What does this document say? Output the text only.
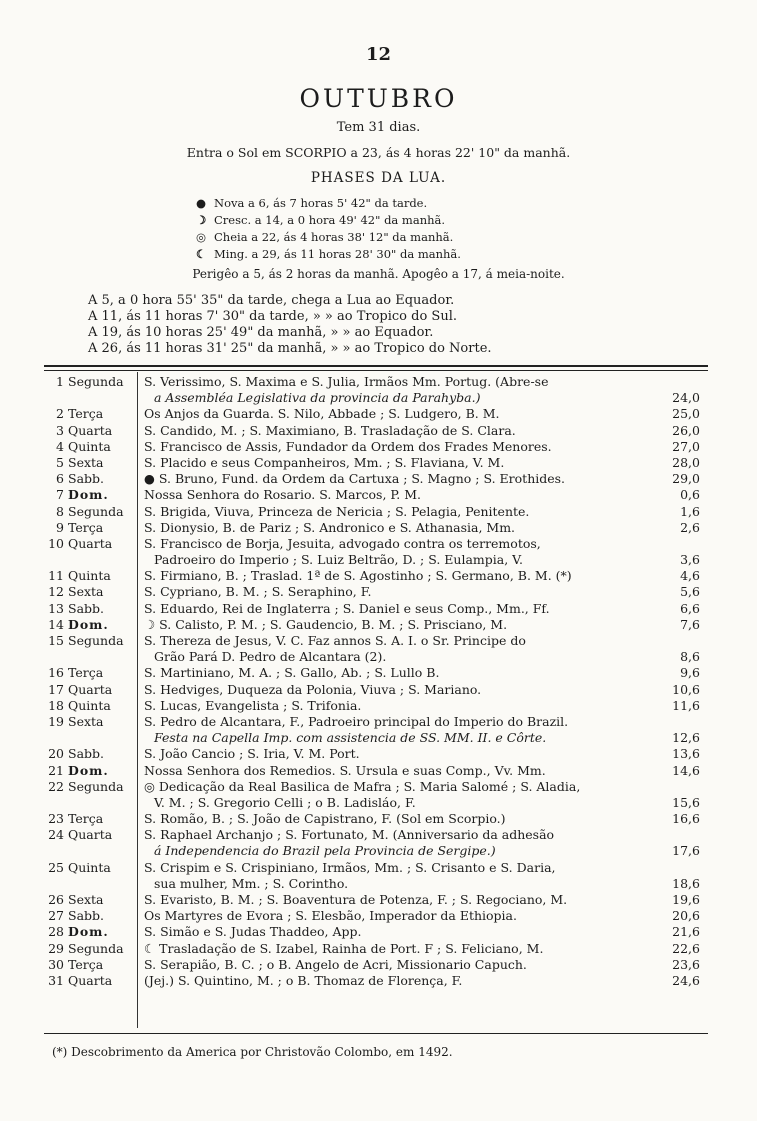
12
OUTUBRO
Tem 31 dias.
Entra o Sol em SCORPIO a 23, ás 4 horas 22' 10" da manhã.
PHASES DA LUA.
● Nova a 6, ás 7 horas 5' 42" da tarde.
☽ Cresc. a 14, a 0 hora 49' 42" da manhã.
◎ Cheia a 22, ás 4 horas 38' 12" da manhã.
☾ Ming. a 29, ás 11 horas 28' 30" da manhã.
Perigêo a 5, ás 2 horas da manhã. Apogêo a 17, á meia-noite.
A 5, a 0 hora 55' 35" da tarde, chega a Lua ao Equador.
A 11, ás 11 horas 7' 30" da tarde, » » ao Tropico do Sul.
A 19, ás 10 horas 25' 49" da manhã, » » ao Equador.
A 26, ás 11 horas 31' 25" da manhã, » » ao Tropico do Norte.
1 Segunda S. Verissimo, S. Maxima e S. Julia, Irmãos Mm. Portug. (Abre-se
a Assembléa Legislativa da provincia da Parahyba.)	24,0
2 Terça	Os Anjos da Guarda. S. Nilo, Abbade ; S. Ludgero, B. M.	25,0
3 Quarta	S. Candido, M. ; S. Maximiano, B. Trasladação de S. Clara.	26,0
4 Quinta	S. Francisco de Assis, Fundador da Ordem dos Frades Menores.	27,0
5 Sexta	S. Placido e seus Companheiros, Mm. ; S. Flaviana, V. M.	28,0
6 Sabb.	● S. Bruno, Fund. da Ordem da Cartuxa ; S. Magno ; S. Erothides.	29,0
7 Dom.	Nossa Senhora do Rosario. S. Marcos, P. M.	0,6
8 Segunda S. Brigida, Viuva, Princeza de Nericia ; S. Pelagia, Penitente.	1,6
9 Terça	S. Dionysio, B. de Pariz ; S. Andronico e S. Athanasia, Mm.	2,6
10 Quarta	S. Francisco de Borja, Jesuita, advogado contra os terremotos,
Padroeiro do Imperio ; S. Luiz Beltrão, D. ; S. Eulampia, V.	3,6
11 Quinta	S. Firmiano, B. ; Traslad. 1ª de S. Agostinho ; S. Germano, B. M. (*)	4,6
12 Sexta	S. Cypriano, B. M. ; S. Seraphino, F.	5,6
13 Sabb.	S. Eduardo, Rei de Inglaterra ; S. Daniel e seus Comp., Mm., Ff.	6,6
14 Dom.	☽ S. Calisto, P. M. ; S. Gaudencio, B. M. ; S. Prisciano, M.	7,6
15 Segunda S. Thereza de Jesus, V. C. Faz annos S. A. I. o Sr. Principe do
Grão Pará D. Pedro de Alcantara (2).	8,6
16 Terça	S. Martiniano, M. A. ; S. Gallo, Ab. ; S. Lullo B.	9,6
17 Quarta	S. Hedviges, Duqueza da Polonia, Viuva ; S. Mariano.	10,6
18 Quinta	S. Lucas, Evangelista ; S. Trifonia.	11,6
19 Sexta	S. Pedro de Alcantara, F., Padroeiro principal do Imperio do Brazil.
Festa na Capella Imp. com assistencia de SS. MM. II. e Côrte.	12,6
20 Sabb.	S. João Cancio ; S. Iria, V. M. Port.	13,6
21 Dom.	Nossa Senhora dos Remedios. S. Ursula e suas Comp., Vv. Mm.	14,6
22 Segunda ◎ Dedicação da Real Basilica de Mafra ; S. Maria Salomé ; S. Aladia,
V. M. ; S. Gregorio Celli ; o B. Ladisláo, F.	15,6
23 Terça	S. Romão, B. ; S. João de Capistrano, F. (Sol em Scorpio.)	16,6
24 Quarta	S. Raphael Archanjo ; S. Fortunato, M. (Anniversario da adhesão
á Independencia do Brazil pela Provincia de Sergipe.)	17,6
25 Quinta	S. Crispim e S. Crispiniano, Irmãos, Mm. ; S. Crisanto e S. Daria,
sua mulher, Mm. ; S. Corintho.	18,6
26 Sexta	S. Evaristo, B. M. ; S. Boaventura de Potenza, F. ; S. Regociano, M.	19,6
27 Sabb.	Os Martyres de Evora ; S. Elesbão, Imperador da Ethiopia.	20,6
28 Dom.	S. Simão e S. Judas Thaddeo, App.	21,6
29 Segunda ☾ Trasladação de S. Izabel, Rainha de Port. F ; S. Feliciano, M.	22,6
30 Terça	S. Serapião, B. C. ; o B. Angelo de Acri, Missionario Capuch.	23,6
31 Quarta	(Jej.) S. Quintino, M. ; o B. Thomaz de Florença, F.	24,6
(*) Descobrimento da America por Christovão Colombo, em 1492.
